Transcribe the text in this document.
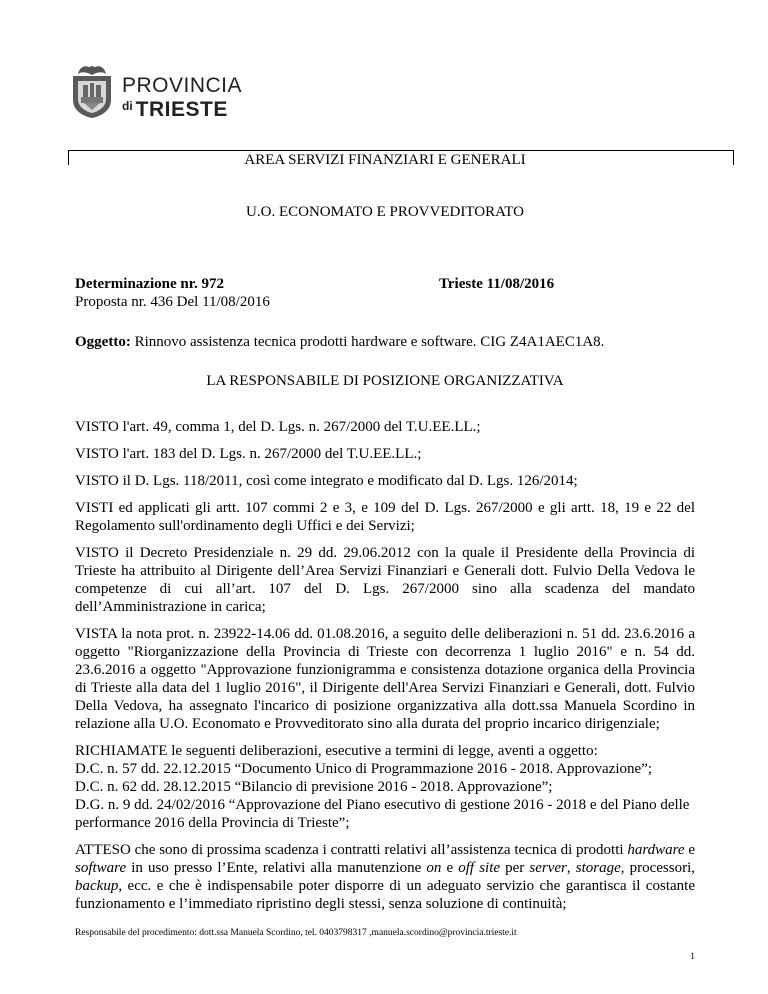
PROVINCIA
$^{di}$ TRIESTE
AREA SERVIZI FINANZIARI E GENERALI
U.O. ECONOMATO E PROVVEDITORATO
Determinazione nr. 972	Trieste 11/08/2016
Proposta nr. 436 Del 11/08/2016
Oggetto: Rinnovo assistenza tecnica prodotti hardware e software. CIG Z4A1AEC1A8.
LA RESPONSABILE DI POSIZIONE ORGANIZZATIVA

VISTO l'art. 49, comma 1, del D. Lgs. n. 267/2000 del T.U.EE.LL.;

VISTO l'art. 183 del D. Lgs. n. 267/2000 del T.U.EE.LL.;

VISTO il D. Lgs. 118/2011, così come integrato e modificato dal D. Lgs. 126/2014;

VISTI ed applicati gli artt. 107 commi 2 e 3, e 109 del D. Lgs. 267/2000 e gli artt. 18, 19 e 22 del Regolamento sull'ordinamento degli Uffici e dei Servizi;

VISTO il Decreto Presidenziale n. 29 dd. 29.06.2012 con la quale il Presidente della Provincia di Trieste ha attribuito al Dirigente dell’Area Servizi Finanziari e Generali dott. Fulvio Della Vedova le competenze di cui all’art. 107 del D. Lgs. 267/2000 sino alla scadenza del mandato dell’Amministrazione in carica;

VISTA la nota prot. n. 23922-14.06 dd. 01.08.2016, a seguito delle deliberazioni n. 51 dd. 23.6.2016 a oggetto "Riorganizzazione della Provincia di Trieste con decorrenza 1 luglio 2016" e n. 54 dd. 23.6.2016 a oggetto "Approvazione funzionigramma e consistenza dotazione organica della Provincia di Trieste alla data del 1 luglio 2016", il Dirigente dell'Area Servizi Finanziari e Generali, dott. Fulvio Della Vedova, ha assegnato l'incarico di posizione organizzativa alla dott.ssa Manuela Scordino in relazione alla U.O. Economato e Provveditorato sino alla durata del proprio incarico dirigenziale;

RICHIAMATE le seguenti deliberazioni, esecutive a termini di legge, aventi a oggetto:

D.C. n. 57 dd. 22.12.2015 “Documento Unico di Programmazione 2016 - 2018. Approvazione”;

D.C. n. 62 dd. 28.12.2015 “Bilancio di previsione 2016 - 2018. Approvazione”;

D.G. n. 9 dd. 24/02/2016 “Approvazione del Piano esecutivo di gestione 2016 - 2018 e del Piano delle performance 2016 della Provincia di Trieste”;

ATTESO che sono di prossima scadenza i contratti relativi all’assistenza tecnica di prodotti hardware e software in uso presso l’Ente, relativi alla manutenzione on e off site per server, storage, processori, backup, ecc. e che è indispensabile poter disporre di un adeguato servizio che garantisca il costante funzionamento e l’immediato ripristino degli stessi, senza soluzione di continuità;

Responsabile del procedimento: dott.ssa Manuela Scordino, tel. 0403798317 ,manuela.scordino@provincia.trieste.it
1
